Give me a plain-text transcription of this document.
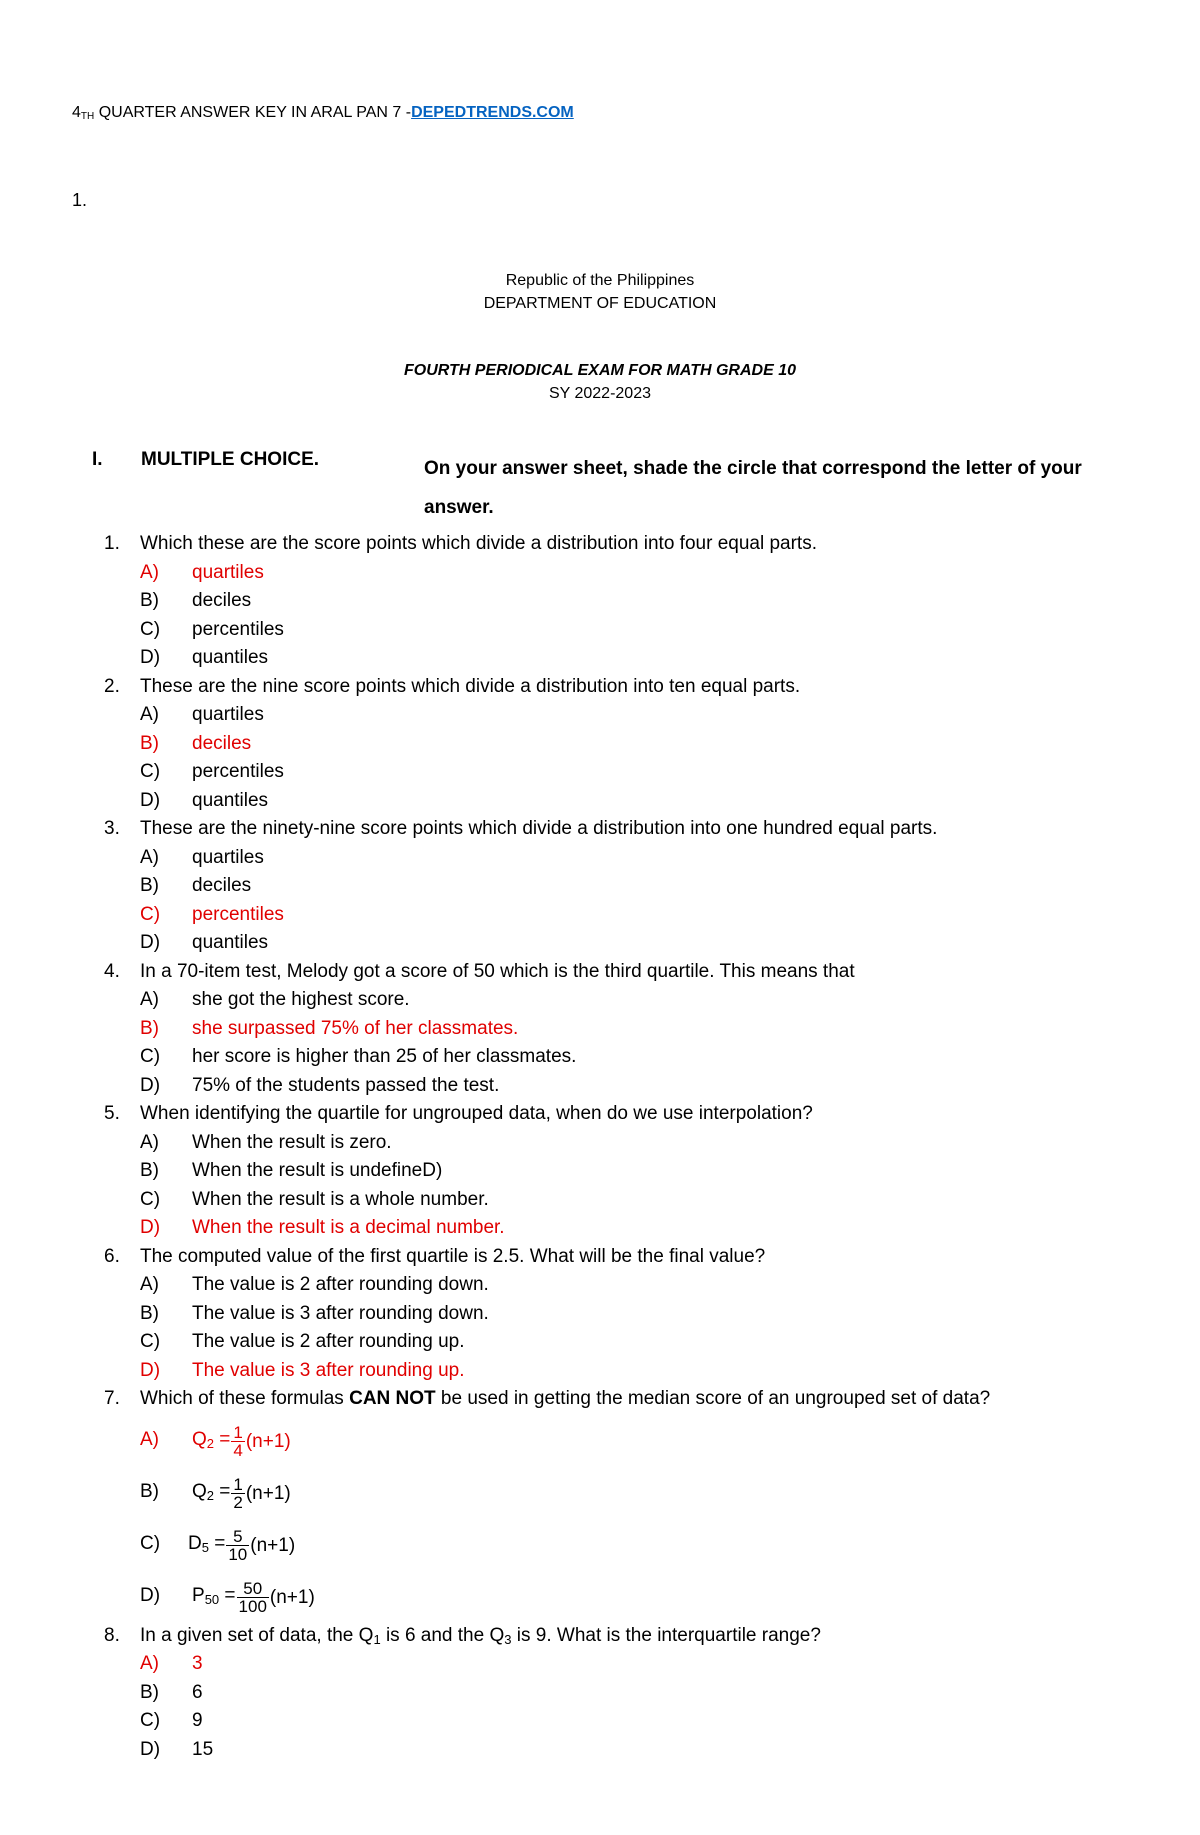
4TH QUARTER ANSWER KEY IN ARAL PAN 7 -DEPEDTRENDS.COM
1.
Republic of the Philippines
DEPARTMENT OF EDUCATION
FOURTH PERIODICAL EXAM FOR MATH GRADE 10
SY 2022-2023
I. MULTIPLE CHOICE.	On your answer sheet, shade the circle that correspond the letter of your answer.
1.	Which these are the score points which divide a distribution into four equal parts.
A) quartiles
B) deciles
C) percentiles
D) quantiles
2.	These are the nine score points which divide a distribution into ten equal parts.
A) quartiles
B) deciles
C) percentiles
D) quantiles
3.	These are the ninety-nine score points which divide a distribution into one hundred equal parts.
A) quartiles
B) deciles
C) percentiles
D) quantiles
4.	In a 70-item test, Melody got a score of 50 which is the third quartile. This means that
A) she got the highest score.
B) she surpassed 75% of her classmates.
C) her score is higher than 25 of her classmates.
D) 75% of the students passed the test.
5.	When identifying the quartile for ungrouped data, when do we use interpolation?
A) When the result is zero.
B) When the result is undefineD)
C) When the result is a whole number.
D) When the result is a decimal number.
6.	The computed value of the first quartile is 2.5. What will be the final value?
A) The value is 2 after rounding down.
B) The value is 3 after rounding down.
C) The value is 2 after rounding up.
D) The value is 3 after rounding up.
7.	Which of these formulas CAN NOT be used in getting the median score of an ungrouped set of data?
A) $Q_2 = \frac{1}{4} (n+1)$
B) $Q_2 = \frac{1}{2} (n+1)$
C) $D_5 = \frac{5}{10} (n+1)$
D) $P_{50} = \frac{50}{100} (n+1)$
8.	In a given set of data, the $Q_1$ is 6 and the $Q_3$ is 9. What is the interquartile range?
A) 3
B) 6
C) 9
D) 15
